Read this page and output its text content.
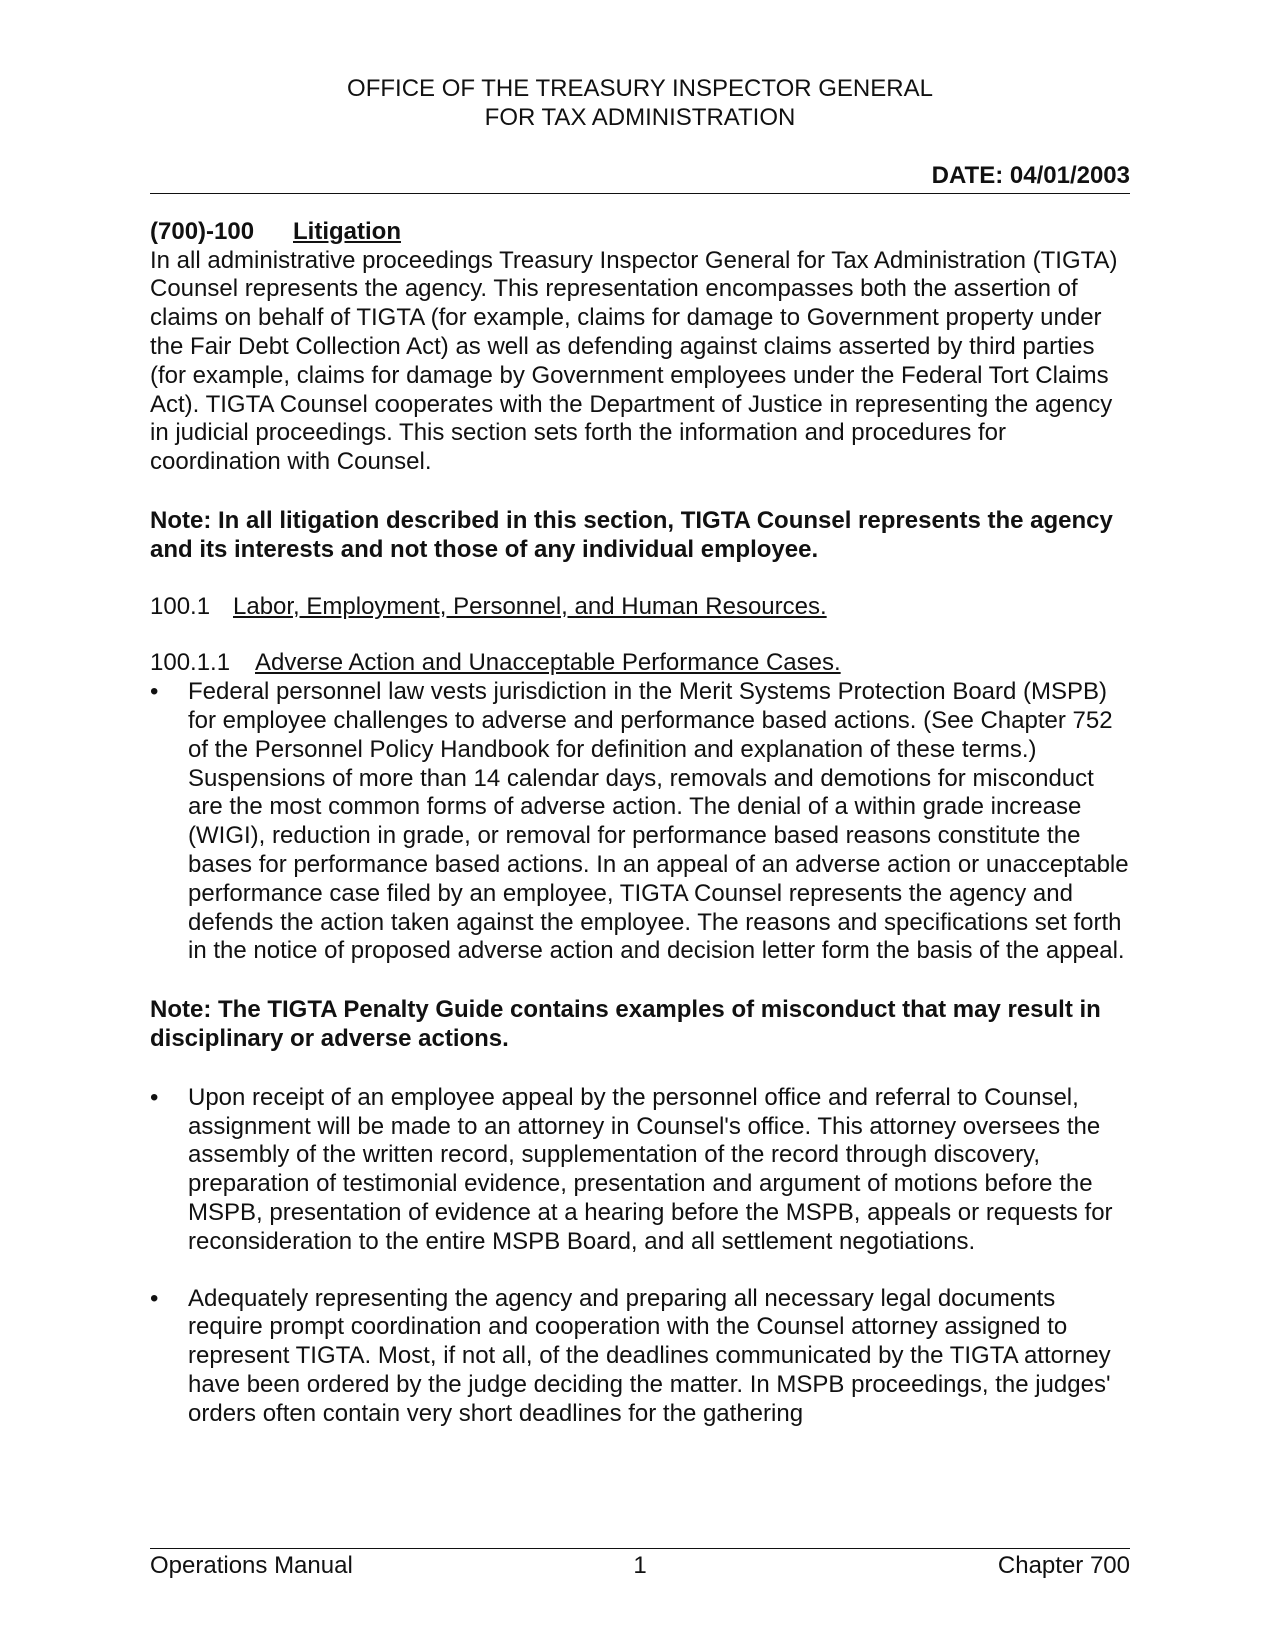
OFFICE OF THE TREASURY INSPECTOR GENERAL
FOR TAX ADMINISTRATION
DATE: 04/01/2003
(700)-100 Litigation

In all administrative proceedings Treasury Inspector General for Tax Administration (TIGTA) Counsel represents the agency. This representation encompasses both the assertion of claims on behalf of TIGTA (for example, claims for damage to Government property under the Fair Debt Collection Act) as well as defending against claims asserted by third parties (for example, claims for damage by Government employees under the Federal Tort Claims Act). TIGTA Counsel cooperates with the Department of Justice in representing the agency in judicial proceedings. This section sets forth the information and procedures for coordination with Counsel.

Note: In all litigation described in this section, TIGTA Counsel represents the agency and its interests and not those of any individual employee.

100.1 Labor, Employment, Personnel, and Human Resources.
100.1.1 Adverse Action and Unacceptable Performance Cases.
•	Federal personnel law vests jurisdiction in the Merit Systems Protection Board (MSPB) for employee challenges to adverse and performance based actions. (See Chapter 752 of the Personnel Policy Handbook for definition and explanation of these terms.) Suspensions of more than 14 calendar days, removals and demotions for misconduct are the most common forms of adverse action. The denial of a within grade increase (WIGI), reduction in grade, or removal for performance based reasons constitute the bases for performance based actions. In an appeal of an adverse action or unacceptable performance case filed by an employee, TIGTA Counsel represents the agency and defends the action taken against the employee. The reasons and specifications set forth in the notice of proposed adverse action and decision letter form the basis of the appeal.

Note: The TIGTA Penalty Guide contains examples of misconduct that may result in disciplinary or adverse actions.

•	Upon receipt of an employee appeal by the personnel office and referral to Counsel, assignment will be made to an attorney in Counsel's office. This attorney oversees the assembly of the written record, supplementation of the record through discovery, preparation of testimonial evidence, presentation and argument of motions before the MSPB, presentation of evidence at a hearing before the MSPB, appeals or requests for reconsideration to the entire MSPB Board, and all settlement negotiations.
•	Adequately representing the agency and preparing all necessary legal documents require prompt coordination and cooperation with the Counsel attorney assigned to represent TIGTA. Most, if not all, of the deadlines communicated by the TIGTA attorney have been ordered by the judge deciding the matter. In MSPB proceedings, the judges' orders often contain very short deadlines for the gathering
Operations Manual	1	Chapter 700
